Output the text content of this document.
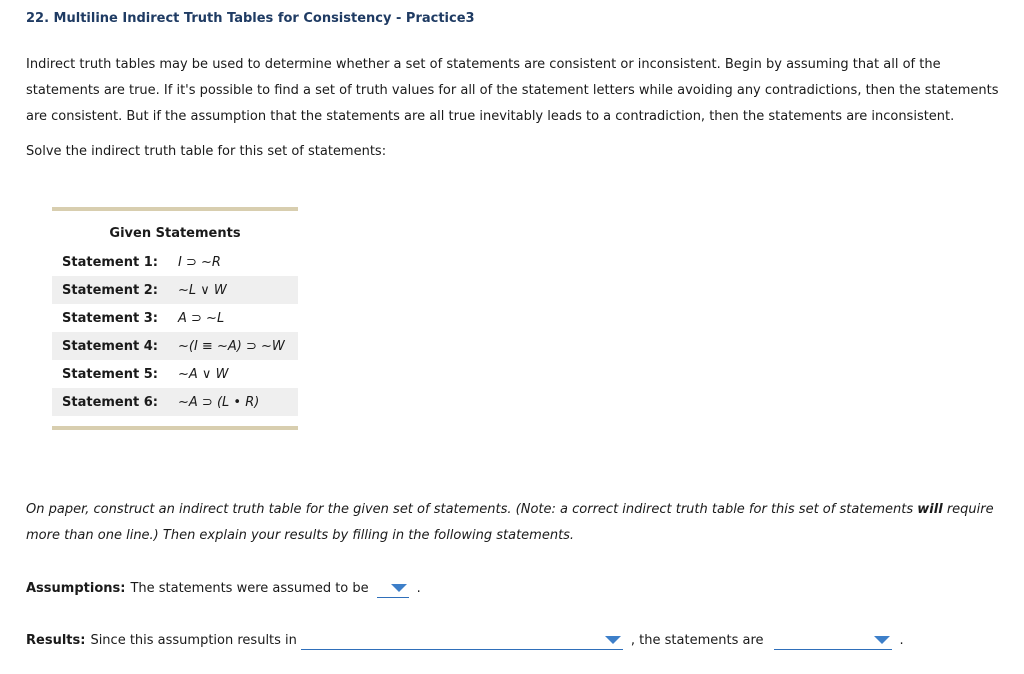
22. Multiline Indirect Truth Tables for Consistency - Practice3
Indirect truth tables may be used to determine whether a set of statements are consistent or inconsistent. Begin by assuming that all of the statements are true. If it's possible to find a set of truth values for all of the statement letters while avoiding any contradictions, then the statements are consistent. But if the assumption that the statements are all true inevitably leads to a contradiction, then the statements are inconsistent.
Solve the indirect truth table for this set of statements:
Given Statements
Statement 1:	I ⊃ ~R
Statement 2:	~L ∨ W
Statement 3:	A ⊃ ~L
Statement 4:	~(I ≡ ~A) ⊃ ~W
Statement 5:	~A ∨ W
Statement 6:	~A ⊃ (L • R)
On paper, construct an indirect truth table for the given set of statements. (Note: a correct indirect truth table for this set of statements will require more than one line.) Then explain your results by filling in the following statements.
Assumptions: The statements were assumed to be	.
Results: Since this assumption results in	, the statements are	.
